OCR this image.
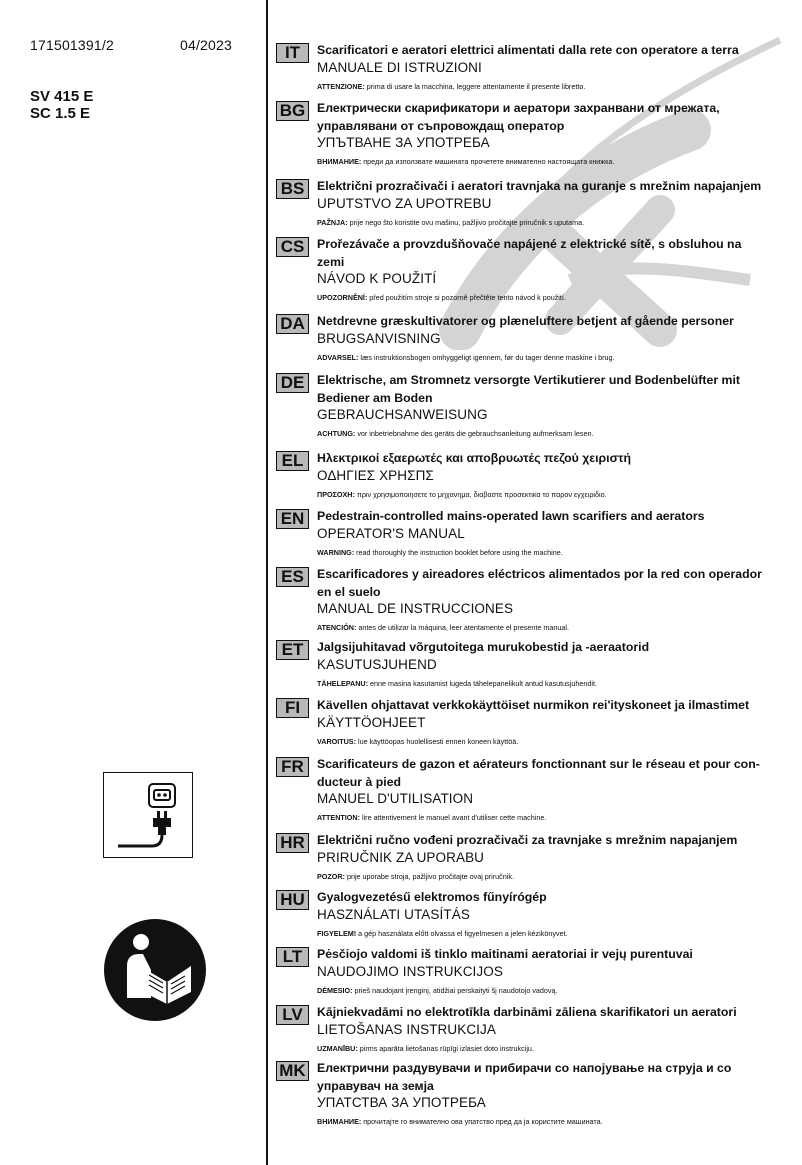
171501391/2	04/2023
SV 415 E
SC 1.5 E
IT	Scarificatori e aeratori elettrici alimentati dalla rete con operatore a terra

MANUALE DI ISTRUZIONI

ATTENZIONE: prima di usare la macchina, leggere attentamente il presente libretto.

BG Електрически скарификатори и аератори захранвани от мрежата, управлявани от съпровождащ оператор

УПЪТВАНЕ ЗА УПОТРЕБА

ВНИМАНИЕ: преди да използвате машината прочетете внимателно настоящата книжка.

BS	Električni prozračivači i aeratori travnjaka na guranje s mrežnim napajanjem

UPUTSTVO ZA UPOTREBU

PAŽNJA: prije nego što koristite ovu mašinu, pažljivo pročitajte priručnik s uputama.

CS	Prořezávače a provzdušňovače napájené z elektrické sítě, s obsluhou na zemi

NÁVOD K POUŽITÍ

UPOZORNĚNÍ: před použitím stroje si pozorně přečtěte tento návod k použití.

DA Netdrevne græskultivatorer og plæneluftere betjent af gående personer

BRUGSANVISNING

ADVARSEL: læs instruktionsbogen omhyggeligt igennem, før du tager denne maskine i brug.

DE	Elektrische, am Stromnetz versorgte Vertikutierer und Bodenbelüfter mit Bediener am Boden

GEBRAUCHSANWEISUNG

ACHTUNG: vor inbetriebnahme des geräts die gebrauchsanleitung aufmerksam lesen.

EL	Ηλεκτρικοί εξαερωτές και αποβρυωτές πεζού χειριστή

ΟΔΗΓΙΕΣ ΧΡΗΣΠΣ

ΠΡΟΣΟΧΗ: πριν χρησιμοποιησετε το μηχανημα, διαβαστε προσεκτικα το παρον εγχειριδιο.

EN	Pedestrain-controlled mains-operated lawn scarifiers and aerators

OPERATOR'S MANUAL

WARNING: read thoroughly the instruction booklet before using the machine.

ES	Escarificadores y aireadores eléctricos alimentados por la red con operador en el suelo

MANUAL DE INSTRUCCIONES

ATENCIÓN: antes de utilizar la máquina, leer atentamente el presente manual.

ET	Jalgsijuhitavad võrgutoitega murukobestid ja -aeraatorid

KASUTUSJUHEND

TÄHELEPANU: enne masina kasutamist lugeda tähelepanelikult antud kasutusjuhendit.

FI	Kävellen ohjattavat verkkokäyttöiset nurmikon rei'ityskoneet ja ilmastimet

KÄYTTÖOHJEET

VAROITUS: lue käyttöopas huolellisesti ennen koneen käyttöä.

FR	Scarificateurs de gazon et aérateurs fonctionnant sur le réseau et pour con-ducteur à pied

MANUEL D'UTILISATION

ATTENTION: lire attentivement le manuel avant d'utiliser cette machine.

HR Električni ručno vođeni prozračivači za travnjake s mrežnim napajanjem

PRIRUČNIK ZA UPORABU

POZOR: prije uporabe stroja, pažljivo pročitajte ovaj priručnik.

HU Gyalogvezetésű elektromos fűnyírógép

HASZNÁLATI UTASÍTÁS

FIGYELEM! a gép használata előtt olvassa el figyelmesen a jelen kézikönyvet.

LT	Pėsčiojo valdomi iš tinklo maitinami aeratoriai ir vejų purentuvai

NAUDOJIMO INSTRUKCIJOS

DĖMESIO: prieš naudojant įrenginį, atidžiai perskaityti šį naudotojo vadovą.

LV	Kājniekvadāmi no elektrotīkla darbināmi zāliena skarifikatori un aeratori

LIETOŠANAS INSTRUKCIJA

UZMANĪBU: pirms aparāta lietošanas rūpīgi izlasiet doto instrukciju.

MK Електрични раздувувачи и прибирачи со напојување на струја и со управувач на земја

УПАТСТВА ЗА УПОТРЕБА

ВНИМАНИЕ: прочитајте го внимателно ова упатство пред да ја користите машината.
